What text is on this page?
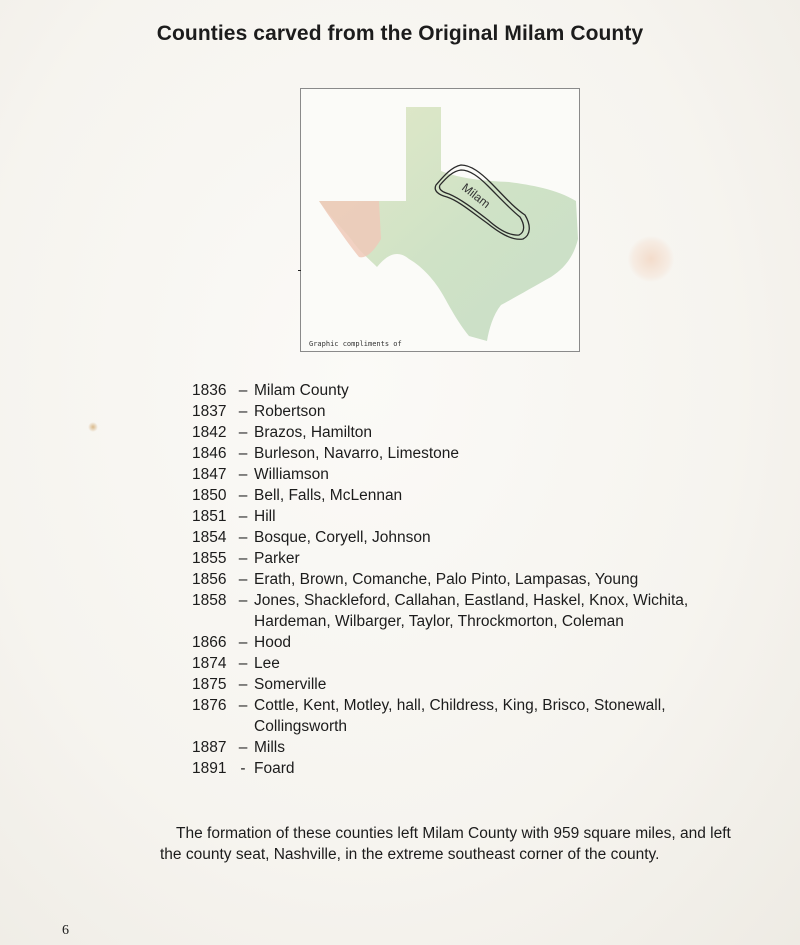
Counties carved from the Original Milam County
Milam
Graphic compliments of
1836 – Milam County
1837 – Robertson
1842 – Brazos, Hamilton
1846 – Burleson, Navarro, Limestone
1847 – Williamson
1850 – Bell, Falls, McLennan
1851 – Hill
1854 – Bosque, Coryell, Johnson
1855 – Parker
1856 – Erath, Brown, Comanche, Palo Pinto, Lampasas, Young
1858 – Jones, Shackleford, Callahan, Eastland, Haskel, Knox, Wichita, Hardeman, Wilbarger, Taylor, Throckmorton, Coleman
1866 – Hood
1874 – Lee
1875 – Somerville
1876 – Cottle, Kent, Motley, hall, Childress, King, Brisco, Stonewall, Collingsworth
1887 – Mills
1891 - Foard
The formation of these counties left Milam County with 959 square miles, and left the county seat, Nashville, in the extreme southeast corner of the county.
6
